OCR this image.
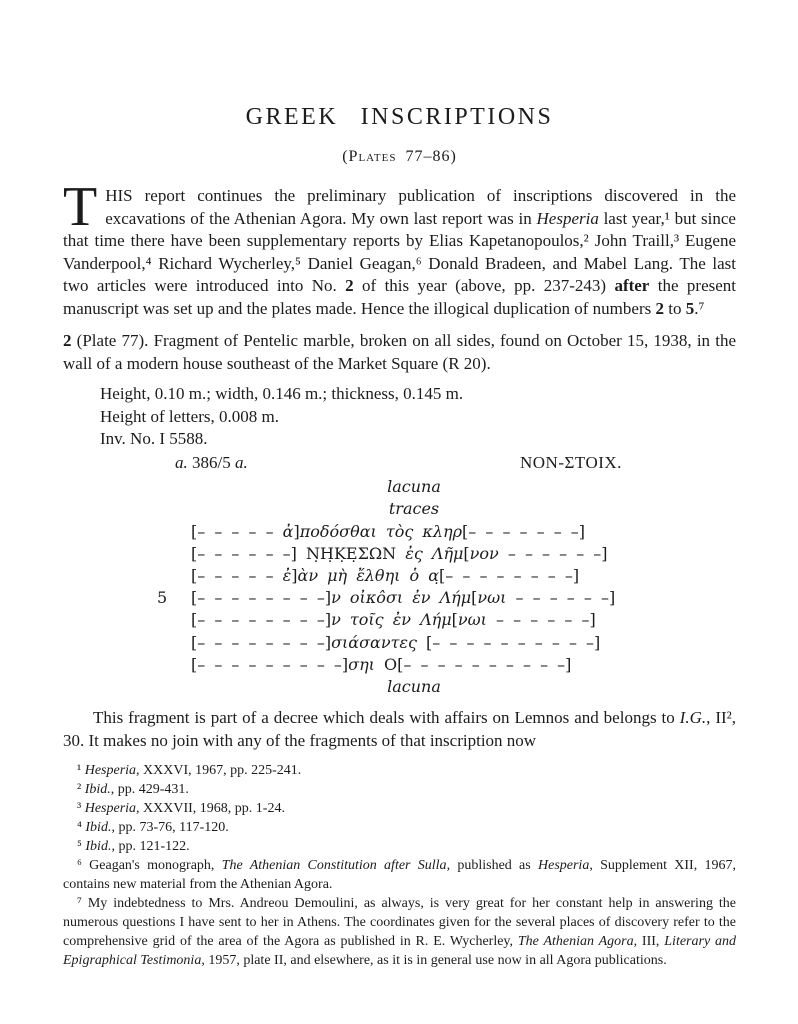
GREEK INSCRIPTIONS
(Plates 77–86)

THIS report continues the preliminary publication of inscriptions discovered in the excavations of the Athenian Agora. My own last report was in Hesperia last year,¹ but since that time there have been supplementary reports by Elias Kapetanopoulos,² John Traill,³ Eugene Vanderpool,⁴ Richard Wycherley,⁵ Daniel Geagan,⁶ Donald Bradeen, and Mabel Lang. The last two articles were introduced into No. 2 of this year (above, pp. 237-243) after the present manuscript was set up and the plates made. Hence the illogical duplication of numbers 2 to 5.⁷

2 (Plate 77). Fragment of Pentelic marble, broken on all sides, found on October 15, 1938, in the wall of a modern house southeast of the Market Square (R 20).

Height, 0.10 m.; width, 0.146 m.; thickness, 0.145 m.
Height of letters, 0.008 m.
Inv. No. I 5588.
a. 386/5 a.	NON-ΣΤΟΙΧ.
lacuna
traces
[– – – – – ἀ]ποδόσθαι τὸς κληρ[– – – – – – –]
[– – – – – –] Ν̣Η̣Κ̣Ε̣ΣΩΝ ἐς Λῆμ[νον – – – – – –]
[– – – – – ἐ]ὰν μὴ ἔλθηι ὁ α̣[– – – – – – – –]
5 [– – – – – – – –]ν οἰκôσι ἐν Λήμ[νωι – – – – – –]
[– – – – – – – –]ν τοῖς ἐν Λήμ[νωι – – – – – –]
[– – – – – – – –]σιάσαντες [– – – – – – – – – –]
[– – – – – – – – –]σηι Ο[– – – – – – – – – –]
lacuna

This fragment is part of a decree which deals with affairs on Lemnos and belongs to I.G., II², 30. It makes no join with any of the fragments of that inscription now

¹ Hesperia, XXXVI, 1967, pp. 225-241.

² Ibid., pp. 429-431.

³ Hesperia, XXXVII, 1968, pp. 1-24.

⁴ Ibid., pp. 73-76, 117-120.

⁵ Ibid., pp. 121-122.

⁶ Geagan's monograph, The Athenian Constitution after Sulla, published as Hesperia, Supplement XII, 1967, contains new material from the Athenian Agora.

⁷ My indebtedness to Mrs. Andreou Demoulini, as always, is very great for her constant help in answering the numerous questions I have sent to her in Athens. The coordinates given for the several places of discovery refer to the comprehensive grid of the area of the Agora as published in R. E. Wycherley, The Athenian Agora, III, Literary and Epigraphical Testimonia, 1957, plate II, and elsewhere, as it is in general use now in all Agora publications.
